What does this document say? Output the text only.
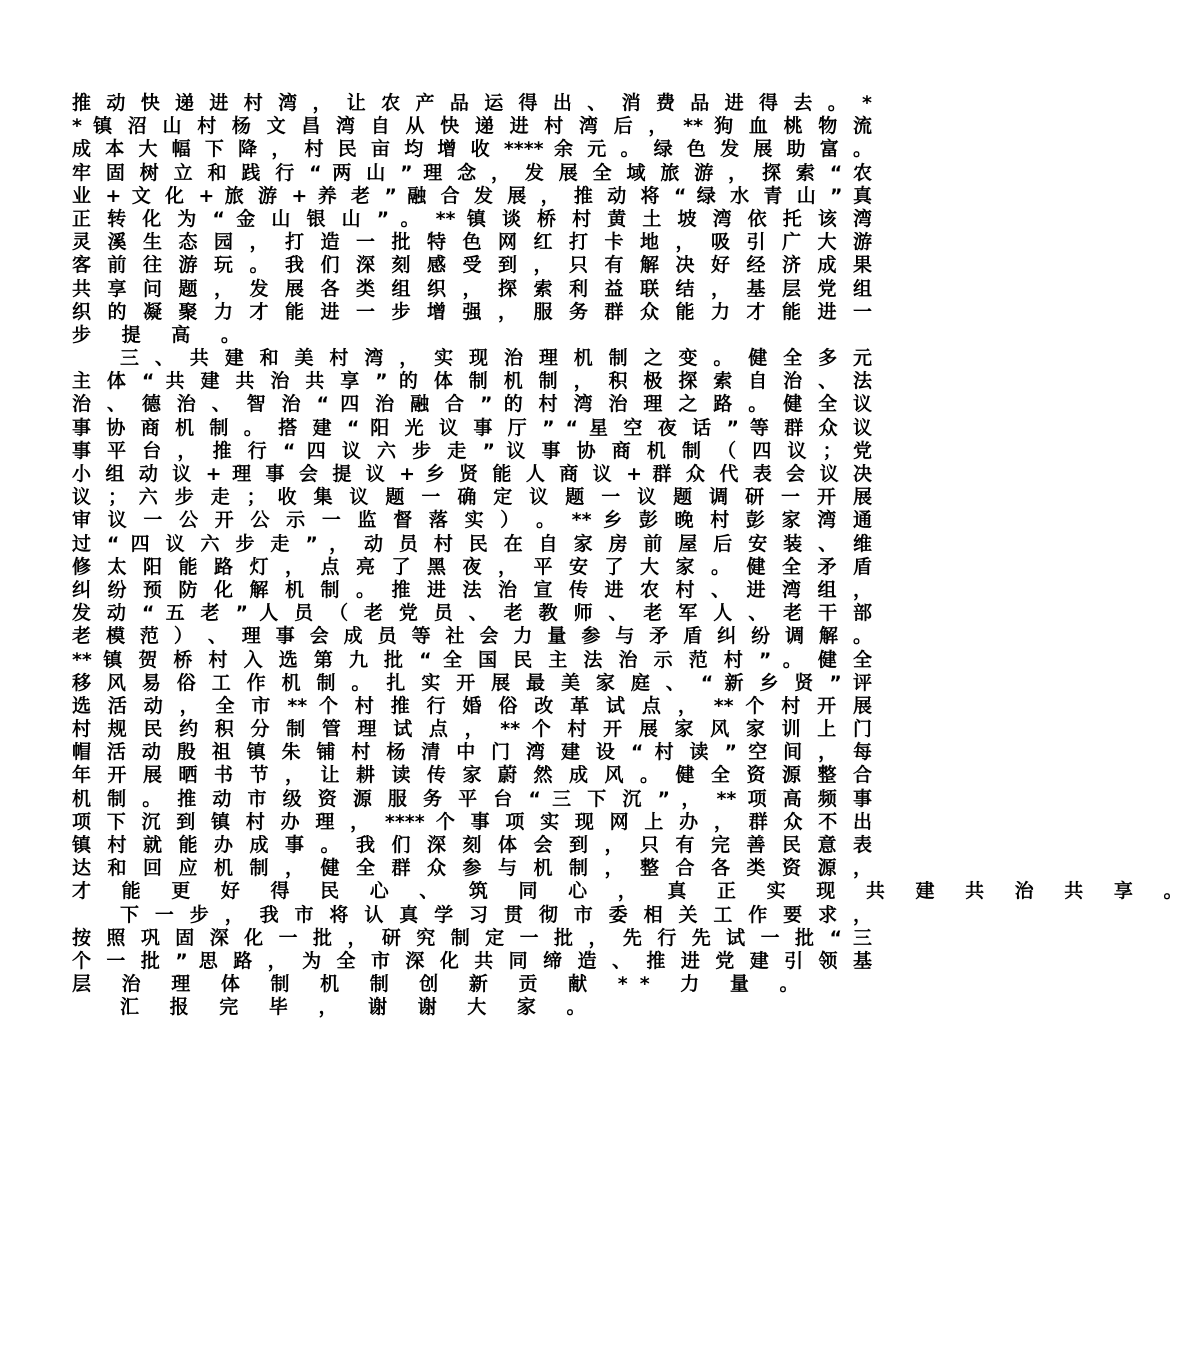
推 动 快 递 进 村 湾 ， 让 农 产 品 运 得 出 、 消 费 品 进 得 去 。 *
* 镇 沼 山 村 杨 文 昌 湾 自 从 快 递 进 村 湾 后 ， ** 狗 血 桃 物 流
成 本 大 幅 下 降 ， 村 民 亩 均 增 收 **** 余 元 。 绿 色 发 展 助 富 。
牢 固 树 立 和 践 行 “ 两 山 ” 理 念 ， 发 展 全 域 旅 游 ， 探 索 “ 农
业 + 文 化 + 旅 游 + 养 老 ” 融 合 发 展 ， 推 动 将 “ 绿 水 青 山 ” 真
正 转 化 为 “ 金 山 银 山 ” 。 ** 镇 谈 桥 村 黄 土 坡 湾 依 托 该 湾
灵 溪 生 态 园 ， 打 造 一 批 特 色 网 红 打 卡 地 ， 吸 引 广 大 游
客 前 往 游 玩 。 我 们 深 刻 感 受 到 ， 只 有 解 决 好 经 济 成 果
共 享 问 题 ， 发 展 各 类 组 织 ， 探 索 利 益 联 结 ， 基 层 党 组
织 的 凝 聚 力 才 能 进 一 步 增 强 ， 服 务 群 众 能 力 才 能 进 一
步 提 高 。
三 、 共 建 和 美 村 湾 ， 实 现 治 理 机 制 之 变 。 健 全 多 元
主 体 “ 共 建 共 治 共 享 ” 的 体 制 机 制 ， 积 极 探 索 自 治 、 法
治 、 德 治 、 智 治 “ 四 治 融 合 ” 的 村 湾 治 理 之 路 。 健 全 议
事 协 商 机 制 。 搭 建 “ 阳 光 议 事 厅 ” “ 星 空 夜 话 ” 等 群 众 议
事 平 台 ， 推 行 “ 四 议 六 步 走 ” 议 事 协 商 机 制 （ 四 议 ； 党
小 组 动 议 + 理 事 会 提 议 + 乡 贤 能 人 商 议 + 群 众 代 表 会 议 决
议 ； 六 步 走 ； 收 集 议 题 一 确 定 议 题 一 议 题 调 研 一 开 展
审 议 一 公 开 公 示 一 监 督 落 实 ） 。 ** 乡 彭 晚 村 彭 家 湾 通
过 “ 四 议 六 步 走 ” ， 动 员 村 民 在 自 家 房 前 屋 后 安 装 、 维
修 太 阳 能 路 灯 ， 点 亮 了 黑 夜 ， 平 安 了 大 家 。 健 全 矛 盾
纠 纷 预 防 化 解 机 制 。 推 进 法 治 宣 传 进 农 村 、 进 湾 组 ，
发 动 “ 五 老 ” 人 员 （ 老 党 员 、 老 教 师 、 老 军 人 、 老 干 部
老 模 范 ） 、 理 事 会 成 员 等 社 会 力 量 参 与 矛 盾 纠 纷 调 解 。
** 镇 贺 桥 村 入 选 第 九 批 “ 全 国 民 主 法 治 示 范 村 ” 。 健 全
移 风 易 俗 工 作 机 制 。 扎 实 开 展 最 美 家 庭 、 “ 新 乡 贤 ” 评
选 活 动 ， 全 市 ** 个 村 推 行 婚 俗 改 革 试 点 ， ** 个 村 开 展
村 规 民 约 积 分 制 管 理 试 点 ， ** 个 村 开 展 家 风 家 训 上 门
帽 活 动 殷 祖 镇 朱 铺 村 杨 清 中 门 湾 建 设 “ 村 读 ” 空 间 ， 每
年 开 展 晒 书 节 ， 让 耕 读 传 家 蔚 然 成 风 。 健 全 资 源 整 合
机 制 。 推 动 市 级 资 源 服 务 平 台 “ 三 下 沉 ” ， ** 项 高 频 事
项 下 沉 到 镇 村 办 理 ， **** 个 事 项 实 现 网 上 办 ， 群 众 不 出
镇 村 就 能 办 成 事 。 我 们 深 刻 体 会 到 ， 只 有 完 善 民 意 表
达 和 回 应 机 制 ， 健 全 群 众 参 与 机 制 ， 整 合 各 类 资 源 ，
才 能 更 好 得 民 心 、 筑 同 心 ， 真 正 实 现 共 建 共 治 共 享 。
下 一 步 ， 我 市 将 认 真 学 习 贯 彻 市 委 相 关 工 作 要 求 ，
按 照 巩 固 深 化 一 批 ， 研 究 制 定 一 批 ， 先 行 先 试 一 批 “ 三
个 一 批 ” 思 路 ， 为 全 市 深 化 共 同 缔 造 、 推 进 党 建 引 领 基
层 治 理 体 制 机 制 创 新 贡 献 ** 力 量 。
汇 报 完 毕 ， 谢 谢 大 家 。
